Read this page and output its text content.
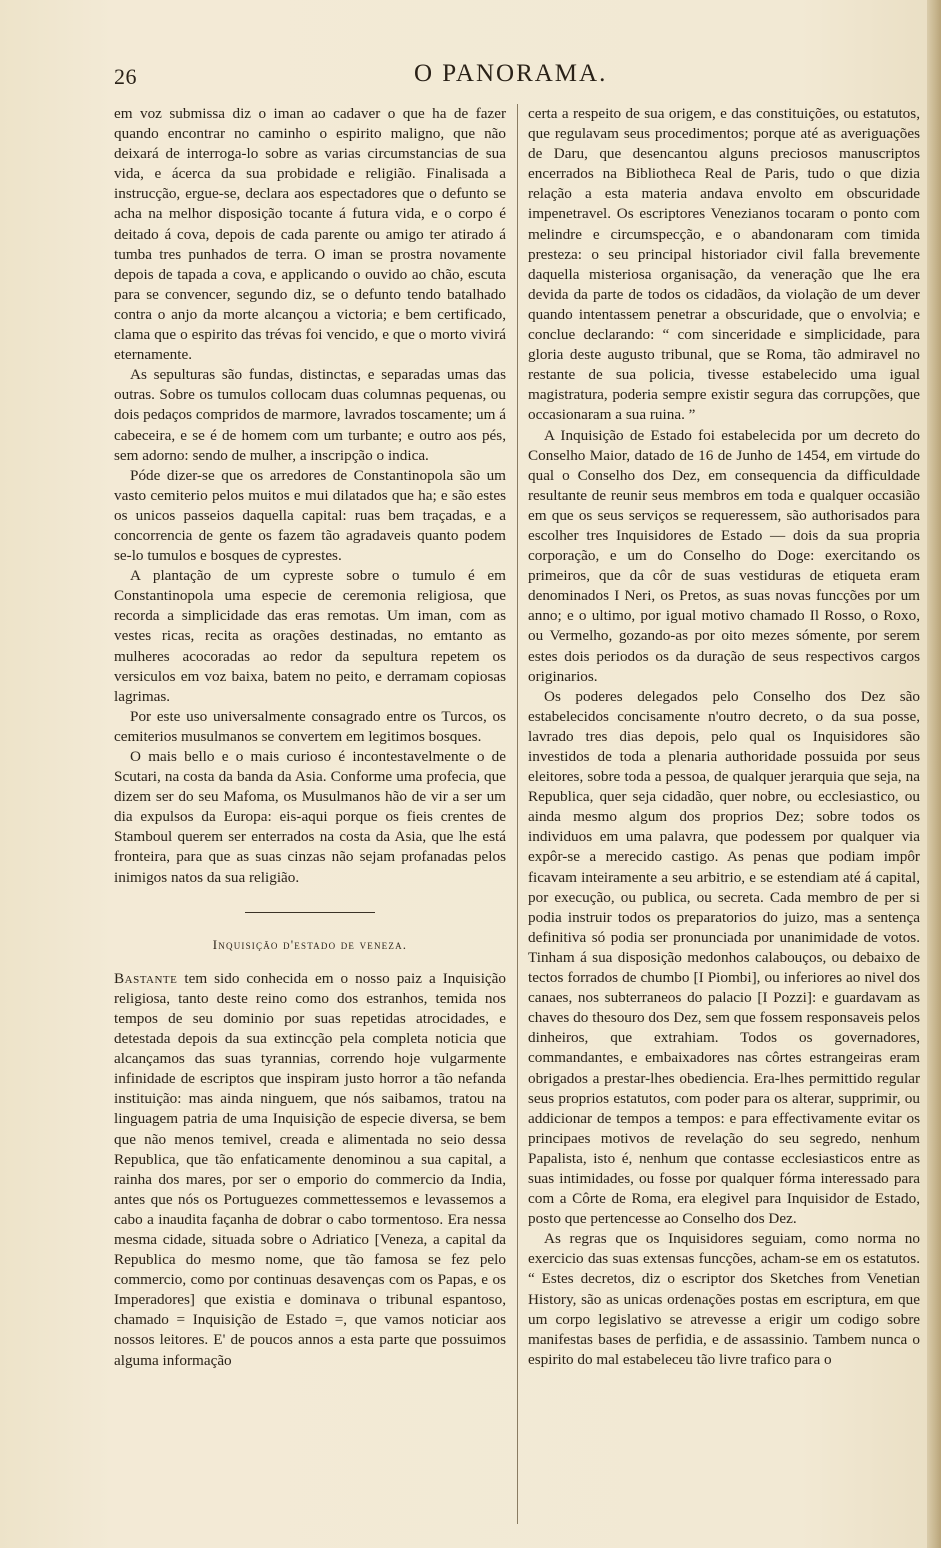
26	O PANORAMA.

em voz submissa diz o iman ao cadaver o que ha de fazer quando encontrar no caminho o espirito maligno, que não deixará de interroga-lo sobre as varias circumstancias de sua vida, e ácerca da sua probidade e religião. Finalisada a instrucção, ergue-se, declara aos espectadores que o defunto se acha na melhor disposição tocante á futura vida, e o corpo é deitado á cova, depois de cada parente ou amigo ter atirado á tumba tres punhados de terra. O iman se prostra novamente depois de tapada a cova, e applicando o ouvido ao chão, escuta para se convencer, segundo diz, se o defunto tendo batalhado contra o anjo da morte alcançou a victoria; e bem certificado, clama que o espirito das trévas foi vencido, e que o morto vivirá eternamente.

As sepulturas são fundas, distinctas, e separadas umas das outras. Sobre os tumulos collocam duas columnas pequenas, ou dois pedaços compridos de marmore, lavrados toscamente; um á cabeceira, e se é de homem com um turbante; e outro aos pés, sem adorno: sendo de mulher, a inscripção o indica.

Póde dizer-se que os arredores de Constantinopola são um vasto cemiterio pelos muitos e mui dilatados que ha; e são estes os unicos passeios daquella capital: ruas bem traçadas, e a concorrencia de gente os fazem tão agradaveis quanto podem se-lo tumulos e bosques de cyprestes.

A plantação de um cypreste sobre o tumulo é em Constantinopola uma especie de ceremonia religiosa, que recorda a simplicidade das eras remotas. Um iman, com as vestes ricas, recita as orações destinadas, no emtanto as mulheres acocoradas ao redor da sepultura repetem os versiculos em voz baixa, batem no peito, e derramam copiosas lagrimas.

Por este uso universalmente consagrado entre os Turcos, os cemiterios musulmanos se convertem em legitimos bosques.

O mais bello e o mais curioso é incontestavelmente o de Scutari, na costa da banda da Asia. Conforme uma profecia, que dizem ser do seu Mafoma, os Musulmanos hão de vir a ser um dia expulsos da Europa: eis-aqui porque os fieis crentes de Stamboul querem ser enterrados na costa da Asia, que lhe está fronteira, para que as suas cinzas não sejam profanadas pelos inimigos natos da sua religião.

Inquisição d'estado de veneza.

Bastante tem sido conhecida em o nosso paiz a Inquisição religiosa, tanto deste reino como dos estranhos, temida nos tempos de seu dominio por suas repetidas atrocidades, e detestada depois da sua extincção pela completa noticia que alcançamos das suas tyrannias, correndo hoje vulgarmente infinidade de escriptos que inspiram justo horror a tão nefanda instituição: mas ainda ninguem, que nós saibamos, tratou na linguagem patria de uma Inquisição de especie diversa, se bem que não menos temivel, creada e alimentada no seio dessa Republica, que tão enfaticamente denominou a sua capital, a rainha dos mares, por ser o emporio do commercio da India, antes que nós os Portuguezes commettessemos e levassemos a cabo a inaudita façanha de dobrar o cabo tormentoso. Era nessa mesma cidade, situada sobre o Adriatico [Veneza, a capital da Republica do mesmo nome, que tão famosa se fez pelo commercio, como por continuas desavenças com os Papas, e os Imperadores] que existia e dominava o tribunal espantoso, chamado = Inquisição de Estado =, que vamos noticiar aos nossos leitores. E' de poucos annos a esta parte que possuimos alguma informação

certa a respeito de sua origem, e das constituições, ou estatutos, que regulavam seus procedimentos; porque até as averiguações de Daru, que desencantou alguns preciosos manuscriptos encerrados na Bibliotheca Real de Paris, tudo o que dizia relação a esta materia andava envolto em obscuridade impenetravel. Os escriptores Venezianos tocaram o ponto com melindre e circumspecção, e o abandonaram com timida presteza: o seu principal historiador civil falla brevemente daquella misteriosa organisação, da veneração que lhe era devida da parte de todos os cidadãos, da violação de um dever quando intentassem penetrar a obscuridade, que o envolvia; e conclue declarando: “ com sinceridade e simplicidade, para gloria deste augusto tribunal, que se Roma, tão admiravel no restante de sua policia, tivesse estabelecido uma igual magistratura, poderia sempre existir segura das corrupções, que occasionaram a sua ruina. ”

A Inquisição de Estado foi estabelecida por um decreto do Conselho Maior, datado de 16 de Junho de 1454, em virtude do qual o Conselho dos Dez, em consequencia da difficuldade resultante de reunir seus membros em toda e qualquer occasião em que os seus serviços se requeressem, são authorisados para escolher tres Inquisidores de Estado — dois da sua propria corporação, e um do Conselho do Doge: exercitando os primeiros, que da côr de suas vestiduras de etiqueta eram denominados I Neri, os Pretos, as suas novas funcções por um anno; e o ultimo, por igual motivo chamado Il Rosso, o Roxo, ou Vermelho, gozando-as por oito mezes sómente, por serem estes dois periodos os da duração de seus respectivos cargos originarios.

Os poderes delegados pelo Conselho dos Dez são estabelecidos concisamente n'outro decreto, o da sua posse, lavrado tres dias depois, pelo qual os Inquisidores são investidos de toda a plenaria authoridade possuida por seus eleitores, sobre toda a pessoa, de qualquer jerarquia que seja, na Republica, quer seja cidadão, quer nobre, ou ecclesiastico, ou ainda mesmo algum dos proprios Dez; sobre todos os individuos em uma palavra, que podessem por qualquer via expôr-se a merecido castigo. As penas que podiam impôr ficavam inteiramente a seu arbitrio, e se estendiam até á capital, por execução, ou publica, ou secreta. Cada membro de per si podia instruir todos os preparatorios do juizo, mas a sentença definitiva só podia ser pronunciada por unanimidade de votos. Tinham á sua disposição medonhos calabouços, ou debaixo de tectos forrados de chumbo [I Piombi], ou inferiores ao nivel dos canaes, nos subterraneos do palacio [I Pozzi]: e guardavam as chaves do thesouro dos Dez, sem que fossem responsaveis pelos dinheiros, que extrahiam. Todos os governadores, commandantes, e embaixadores nas côrtes estrangeiras eram obrigados a prestar-lhes obediencia. Era-lhes permittido regular seus proprios estatutos, com poder para os alterar, supprimir, ou addicionar de tempos a tempos: e para effectivamente evitar os principaes motivos de revelação do seu segredo, nenhum Papalista, isto é, nenhum que contasse ecclesiasticos entre as suas intimidades, ou fosse por qualquer fórma interessado para com a Côrte de Roma, era elegivel para Inquisidor de Estado, posto que pertencesse ao Conselho dos Dez.

As regras que os Inquisidores seguiam, como norma no exercicio das suas extensas funcções, acham-se em os estatutos. “ Estes decretos, diz o escriptor dos Sketches from Venetian History, são as unicas ordenações postas em escriptura, em que um corpo legislativo se atrevesse a erigir um codigo sobre manifestas bases de perfidia, e de assassinio. Tambem nunca o espirito do mal estabeleceu tão livre trafico para o
